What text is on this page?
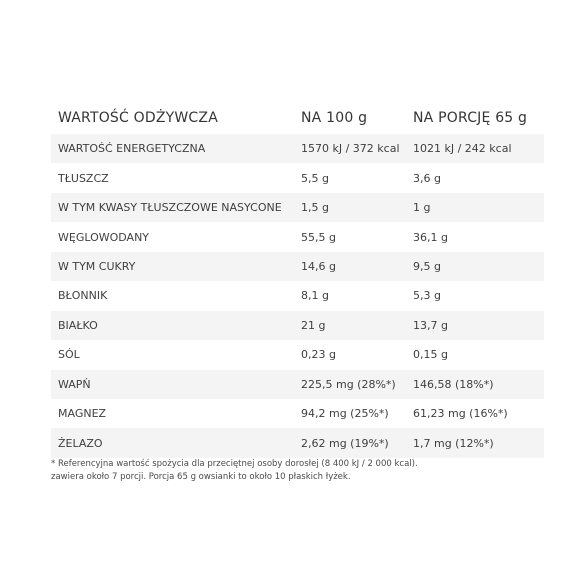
WARTOŚĆ ODŻYWCZA	NA 100 g	NA PORCJĘ 65 g
WARTOŚĆ ENERGETYCZNA	1570 kJ / 372 kcal	1021 kJ / 242 kcal
TŁUSZCZ	5,5 g	3,6 g
W TYM KWASY TŁUSZCZOWE NASYCONE	1,5 g	1 g
WĘGLOWODANY	55,5 g	36,1 g
W TYM CUKRY	14,6 g	9,5 g
BŁONNIK	8,1 g	5,3 g
BIAŁKO	21 g	13,7 g
SÓL	0,23 g	0,15 g
WAPŃ	225,5 mg (28%*)	146,58 (18%*)
MAGNEZ	94,2 mg (25%*)	61,23 mg (16%*)
ŻELAZO	2,62 mg (19%*)	1,7 mg (12%*)
* Referencyjna wartość spożycia dla przeciętnej osoby dorosłej (8 400 kJ / 2 000 kcal).
zawiera około 7 porcji. Porcja 65 g owsianki to około 10 płaskich łyżek.
